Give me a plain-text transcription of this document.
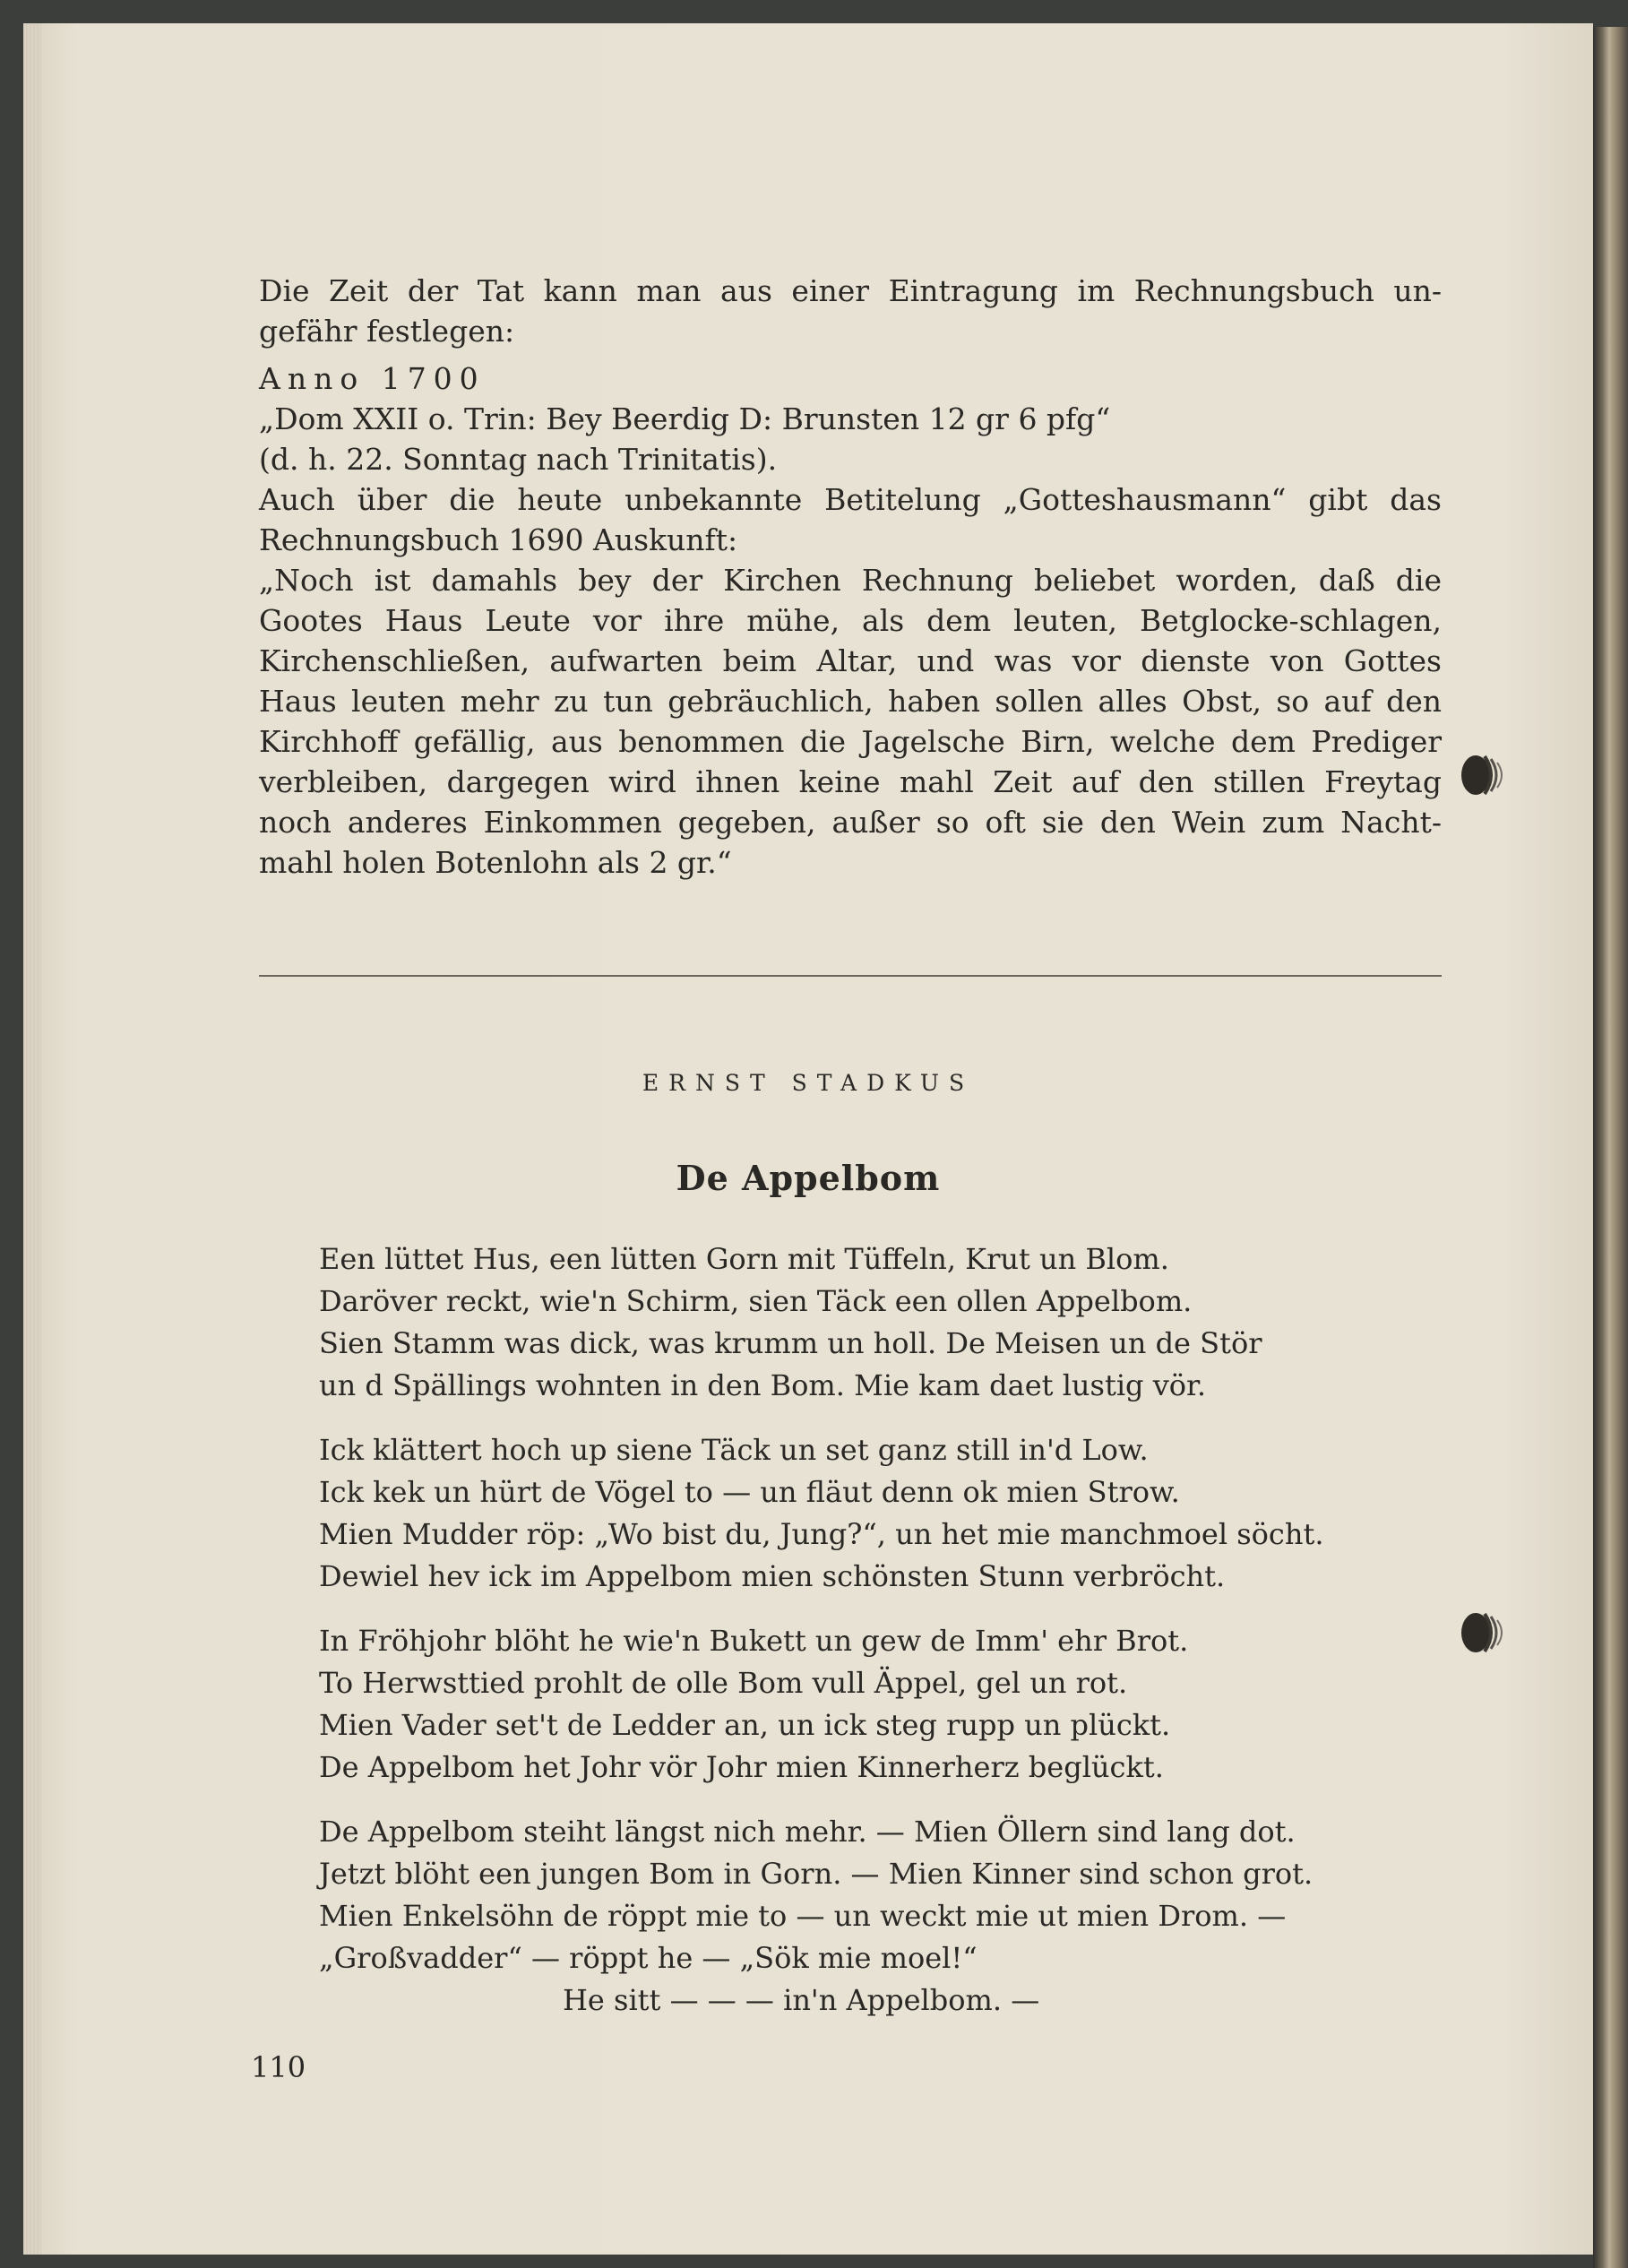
Die Zeit der Tat kann man aus einer Eintragung im Rechnungsbuch un-
gefähr festlegen:

Anno 1700

„Dom XXII o. Trin: Bey Beerdig D: Brunsten 12 gr 6 pfg“

(d. h. 22. Sonntag nach Trinitatis).

Auch über die heute unbekannte Betitelung „Gotteshausmann“ gibt das
Rechnungsbuch 1690 Auskunft:

„Noch ist damahls bey der Kirchen Rechnung beliebet worden, daß die
Gootes Haus Leute vor ihre mühe, als dem leuten, Betglocke-schlagen,
Kirchenschließen, aufwarten beim Altar, und was vor dienste von Gottes
Haus leuten mehr zu tun gebräuchlich, haben sollen alles Obst, so auf den
Kirchhoff gefällig, aus benommen die Jagelsche Birn, welche dem Prediger
verbleiben, dargegen wird ihnen keine mahl Zeit auf den stillen Freytag
noch anderes Einkommen gegeben, außer so oft sie den Wein zum Nacht-
mahl holen Botenlohn als 2 gr.“

ERNST STADKUS
De Appelbom
Een lüttet Hus, een lütten Gorn mit Tüffeln, Krut un Blom.
Daröver reckt, wie'n Schirm, sien Täck een ollen Appelbom.
Sien Stamm was dick, was krumm un holl. De Meisen un de Stör
un d Spällings wohnten in den Bom. Mie kam daet lustig vör.
Ick klättert hoch up siene Täck un set ganz still in'd Low.
Ick kek un hürt de Vögel to — un fläut denn ok mien Strow.
Mien Mudder röp: „Wo bist du, Jung?“, un het mie manchmoel söcht.
Dewiel hev ick im Appelbom mien schönsten Stunn verbröcht.
In Fröhjohr blöht he wie'n Bukett un gew de Imm' ehr Brot.
To Herwsttied prohlt de olle Bom vull Äppel, gel un rot.
Mien Vader set't de Ledder an, un ick steg rupp un plückt.
De Appelbom het Johr vör Johr mien Kinnerherz beglückt.
De Appelbom steiht längst nich mehr. — Mien Öllern sind lang dot.
Jetzt blöht een jungen Bom in Gorn. — Mien Kinner sind schon grot.
Mien Enkelsöhn de röppt mie to — un weckt mie ut mien Drom. —
„Großvadder“ — röppt he — „Sök mie moel!“
He sitt — — — in'n Appelbom. —
110
